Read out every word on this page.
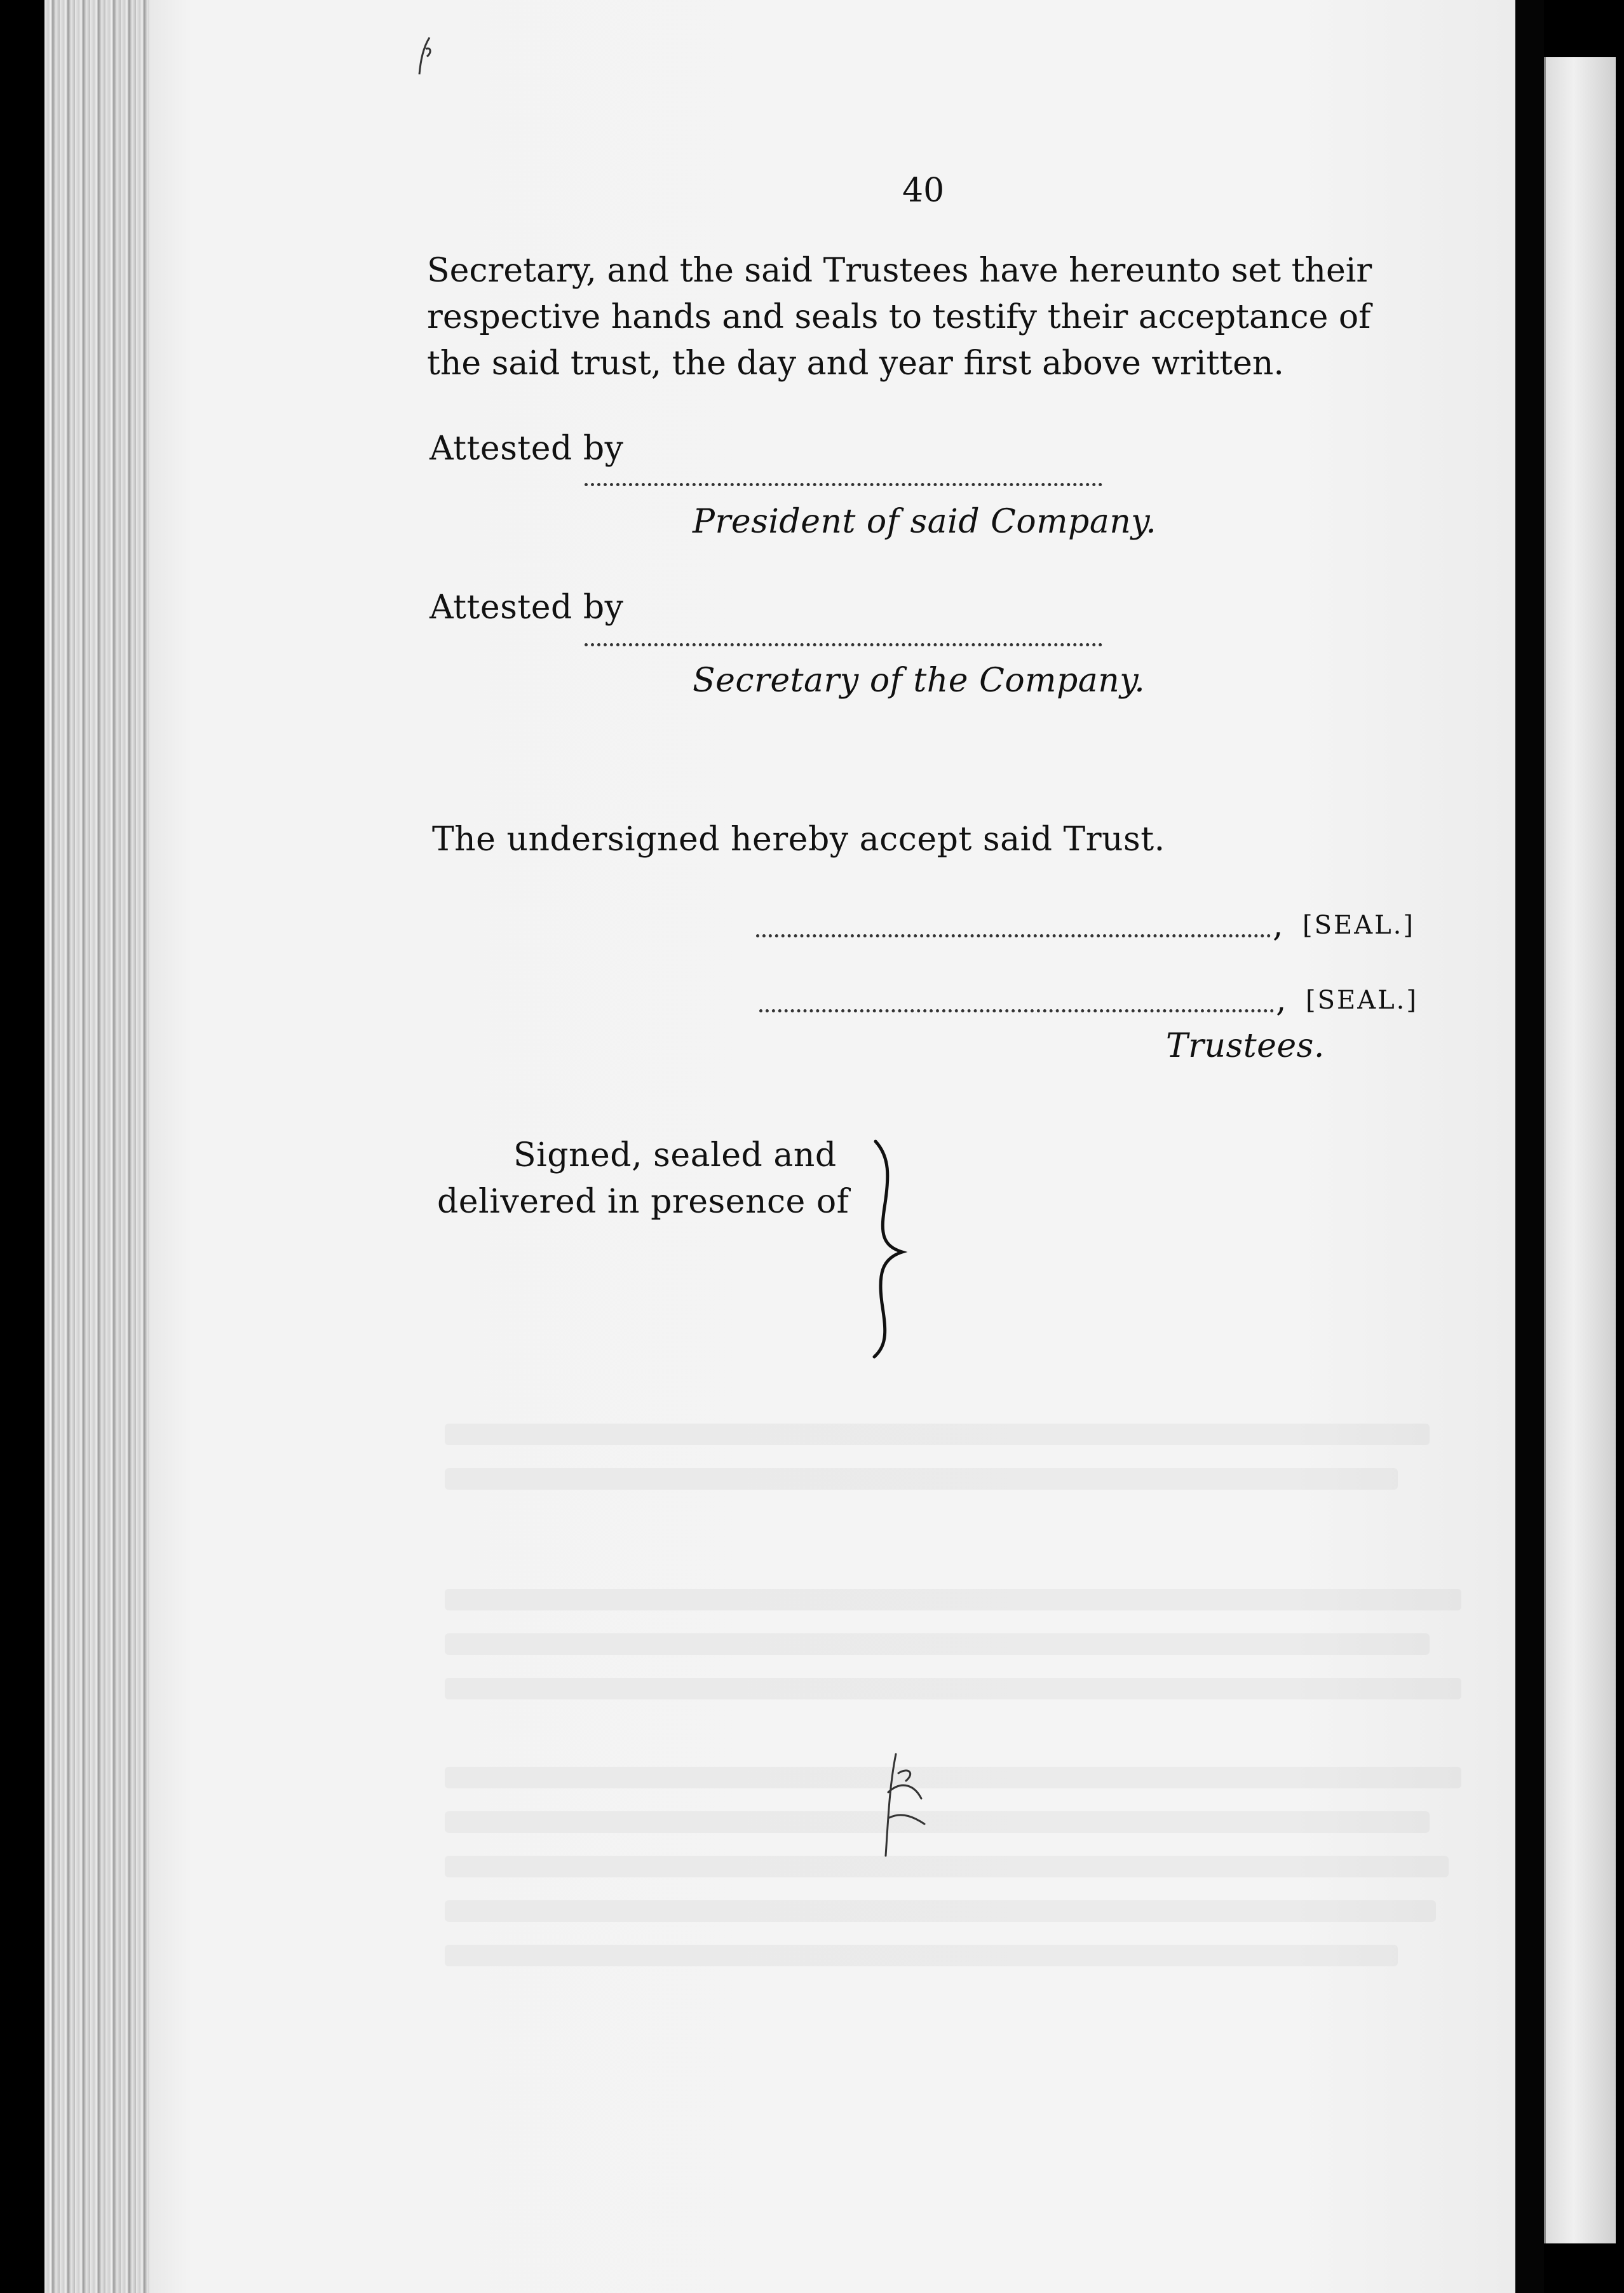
40
Secretary, and the said Trustees have hereunto set their
respective hands and seals to testify their acceptance of
the said trust, the day and year first above written.
Attested by
President of said Company.
Attested by
Secretary of the Company.
The undersigned hereby accept said Trust.
, [SEAL.]
, [SEAL.]
Trustees.
Signed, sealed and
delivered in presence of
